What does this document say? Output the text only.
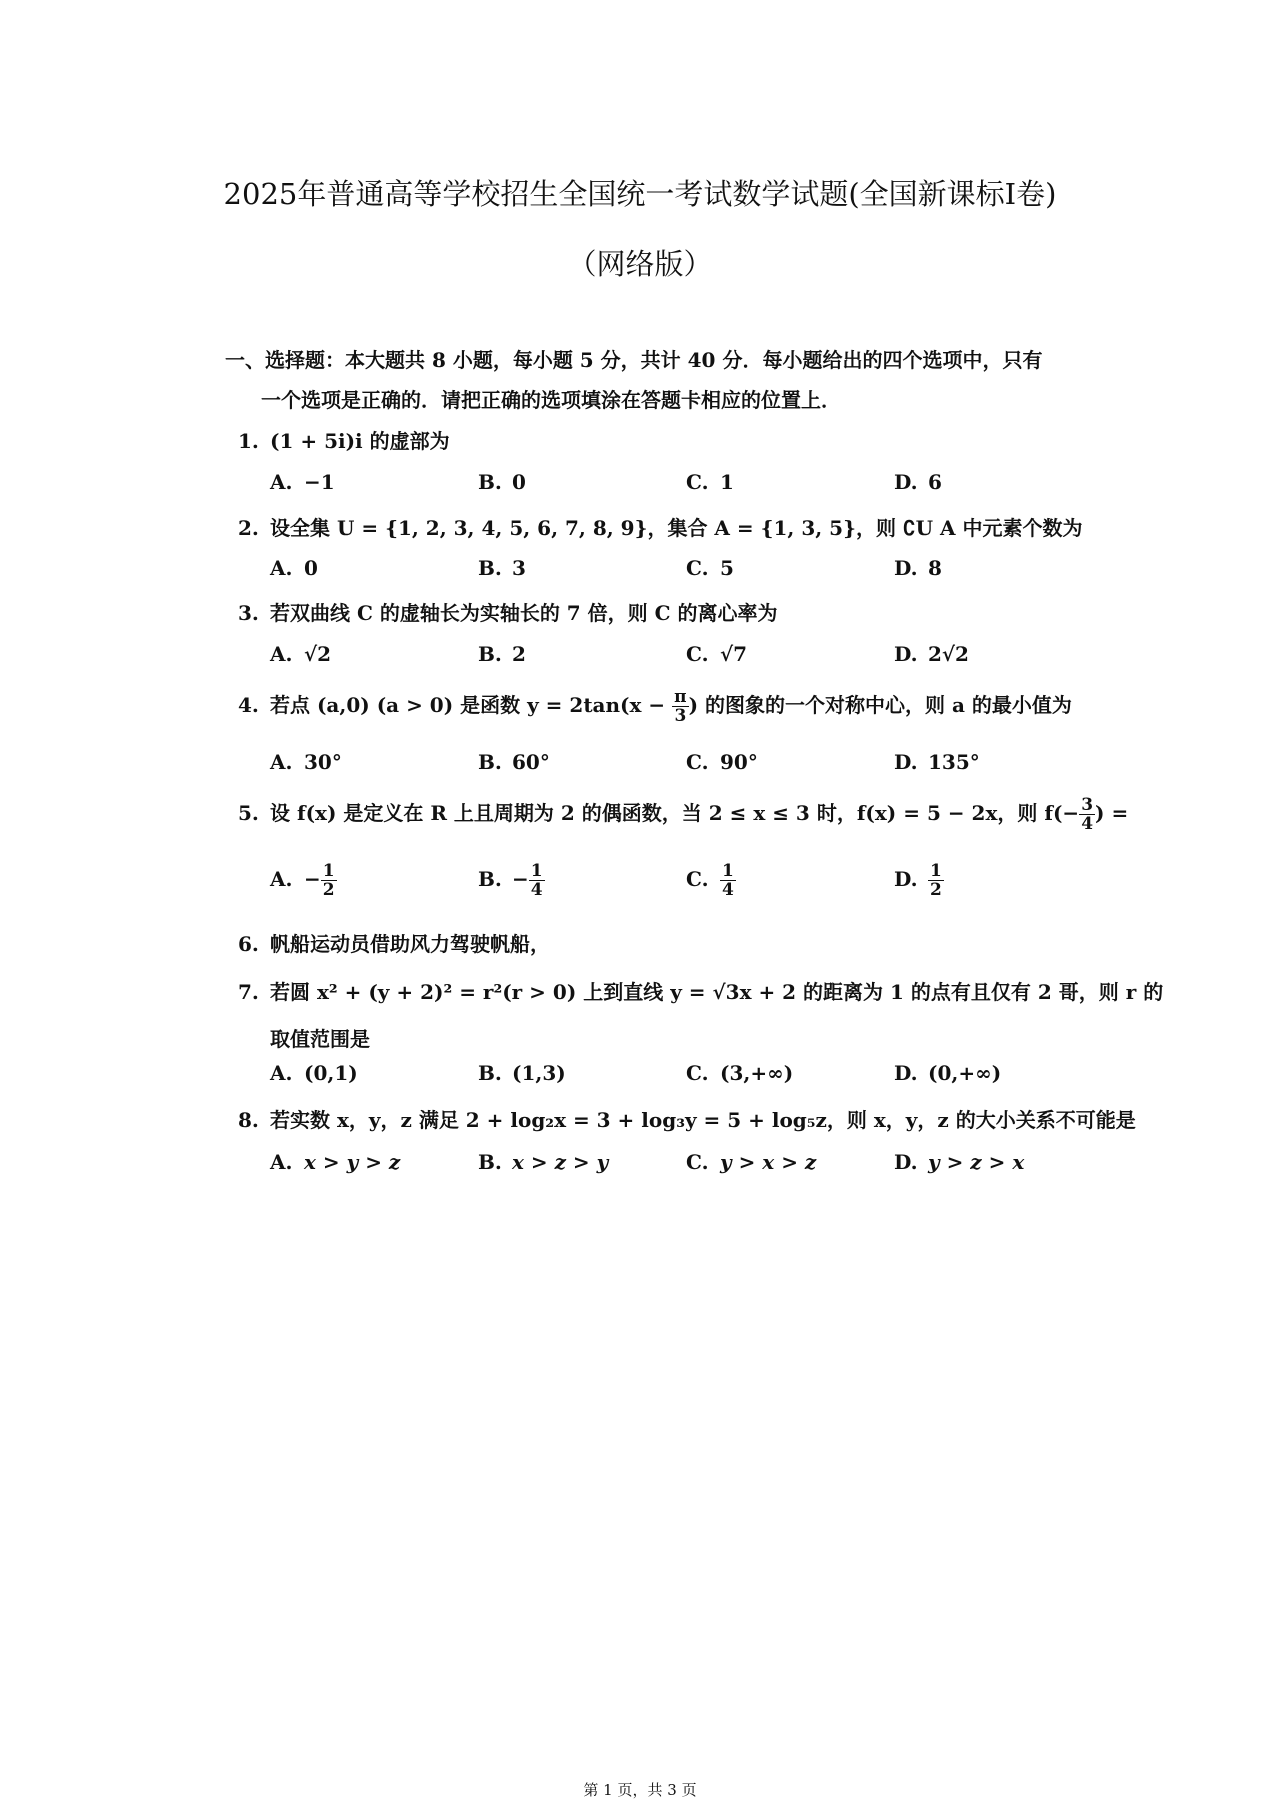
2025年普通高等学校招生全国统一考试数学试题(全国新课标I卷)
（网络版）
一、选择题：本大题共 8 小题，每小题 5 分，共计 40 分．每小题给出的四个选项中，只有
一个选项是正确的．请把正确的选项填涂在答题卡相应的位置上．
1. (1 + 5i)i 的虚部为
A. −1	B. 0	C. 1	D. 6
2. 设全集 U = {1, 2, 3, 4, 5, 6, 7, 8, 9}，集合 A = {1, 3, 5}，则 ∁U A 中元素个数为
A. 0	B. 3	C. 5	D. 8
3. 若双曲线 C 的虚轴长为实轴长的 7 倍，则 C 的离心率为
A. √2	B. 2	C. √7	D. 2√2
4. 若点 (a,0) (a > 0) 是函数 $y = 2\tan(x - \frac{\pi}{3}$ ) 的图象的一个对称中心，则 a 的最小值为
A. 30°	B. 60°	C. 90°	D. 135°
5. 设 f(x) 是定义在 R 上且周期为 2 的偶函数，当 2 ≤ x ≤ 3 时，f(x) = 5 − 2x，则 $f(- \frac{3}{4}$ ) =
A. − $\frac{1}{2}$	B. − $\frac{1}{4}$	C. $\frac{1}{4}$	D. $\frac{1}{2}$
6. 帆船运动员借助风力驾驶帆船，
7. 若圆 x² + (y + 2)² = r²(r > 0) 上到直线 y = √3x + 2 的距离为 1 的点有且仅有 2 哥，则 r 的
取值范围是
A. (0,1)	B. (1,3)	C. (3,+∞)	D. (0,+∞)
8. 若实数 x，y，z 满足 2 + log₂x = 3 + log₃y = 5 + log₅z，则 x，y，z 的大小关系不可能是
A. x > y > z	B. x > z > y	C. y > x > z	D. y > z > x
第 1 页，共 3 页
